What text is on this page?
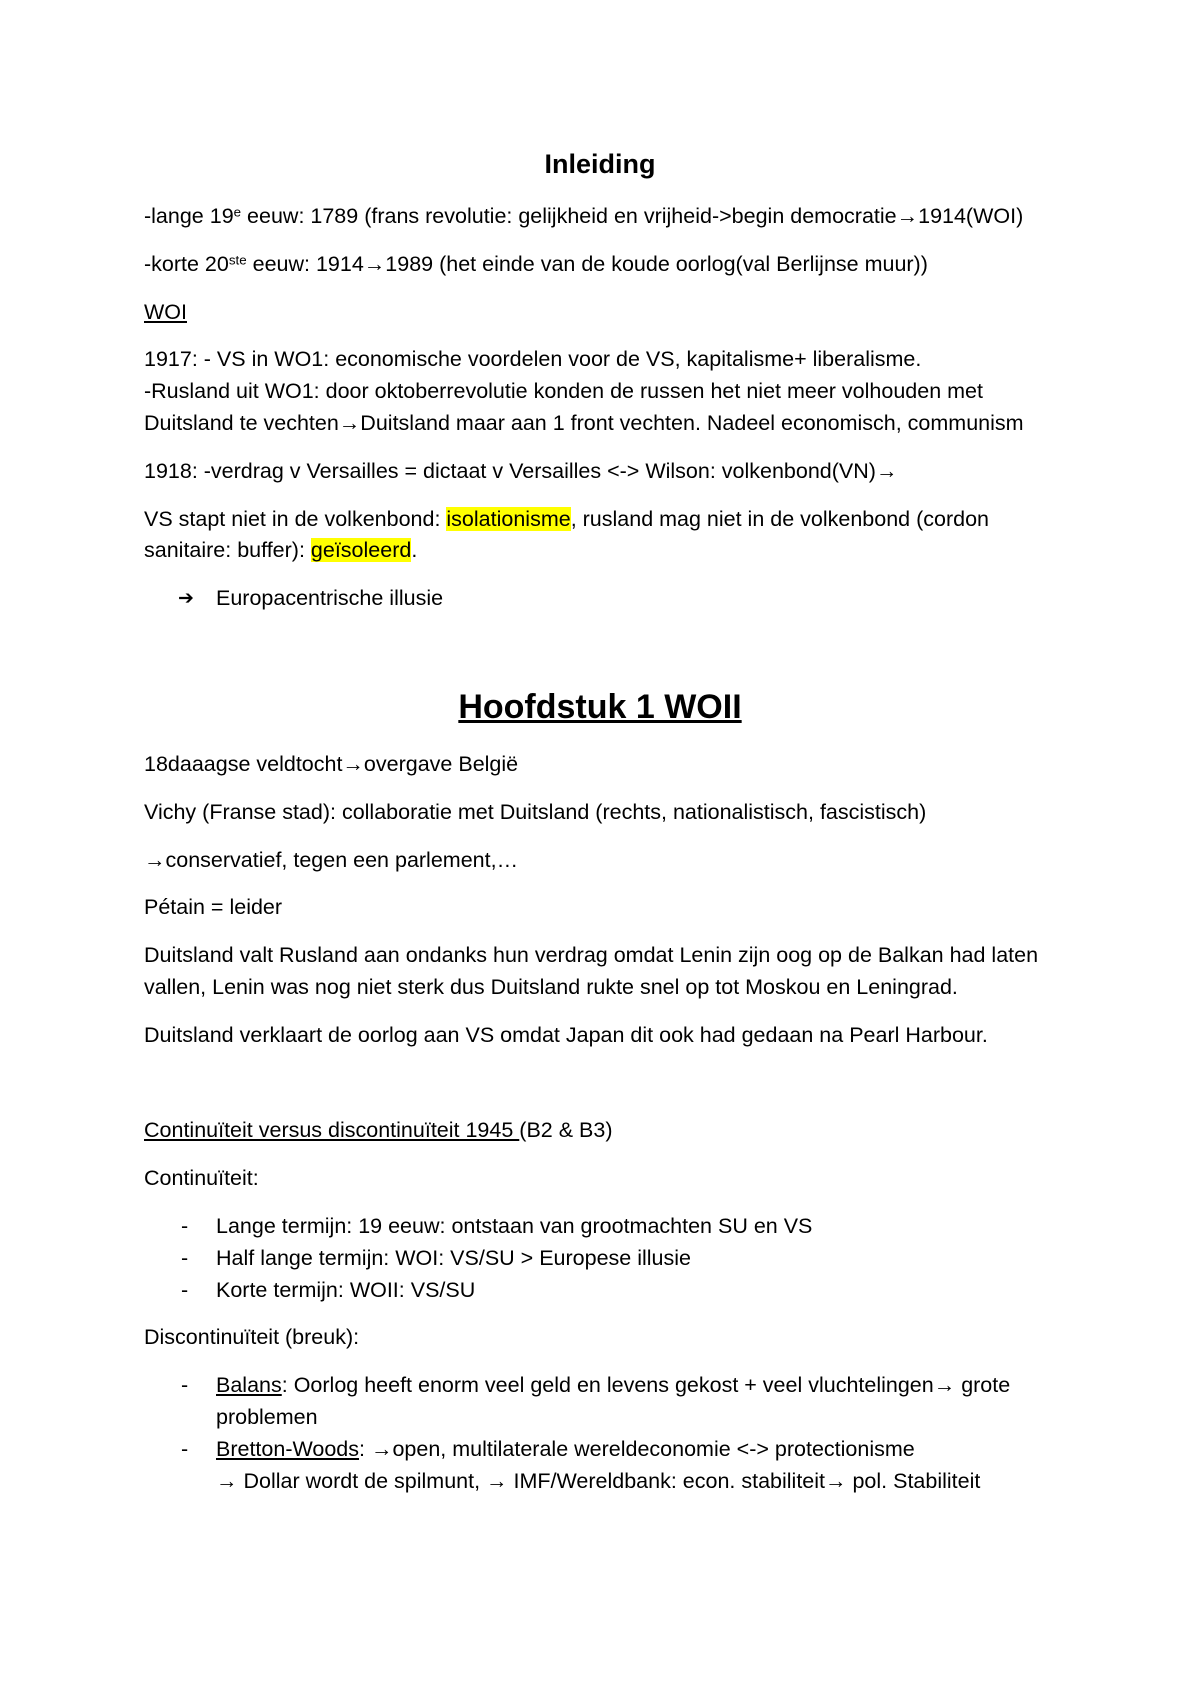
Inleiding
-lange 19e eeuw: 1789 (frans revolutie: gelijkheid en vrijheid->begin democratie→1914(WOI)
-korte 20ste eeuw: 1914→1989 (het einde van de koude oorlog(val Berlijnse muur))
WOI
1917: - VS in WO1: economische voordelen voor de VS, kapitalisme+ liberalisme.
-Rusland uit WO1: door oktoberrevolutie konden de russen het niet meer volhouden met
Duitsland te vechten→Duitsland maar aan 1 front vechten. Nadeel economisch, communism
1918: -verdrag v Versailles = dictaat v Versailles <-> Wilson: volkenbond(VN)→
VS stapt niet in de volkenbond: isolationisme, rusland mag niet in de volkenbond (cordon
sanitaire: buffer): geïsoleerd.
➔ Europacentrische illusie
Hoofdstuk 1 WOII
18daaagse veldtocht→overgave België
Vichy (Franse stad): collaboratie met Duitsland (rechts, nationalistisch, fascistisch)
→conservatief, tegen een parlement,…
Pétain = leider
Duitsland valt Rusland aan ondanks hun verdrag omdat Lenin zijn oog op de Balkan had laten
vallen, Lenin was nog niet sterk dus Duitsland rukte snel op tot Moskou en Leningrad.
Duitsland verklaart de oorlog aan VS omdat Japan dit ook had gedaan na Pearl Harbour.
Continuïteit versus discontinuïteit 1945 (B2 & B3)
Continuïteit:
- Lange termijn: 19 eeuw: ontstaan van grootmachten SU en VS
- Half lange termijn: WOI: VS/SU > Europese illusie
- Korte termijn: WOII: VS/SU
Discontinuïteit (breuk):
- Balans: Oorlog heeft enorm veel geld en levens gekost + veel vluchtelingen→ grote
problemen
- Bretton-Woods: →open, multilaterale wereldeconomie <-> protectionisme
→ Dollar wordt de spilmunt, → IMF/Wereldbank: econ. stabiliteit→ pol. Stabiliteit
